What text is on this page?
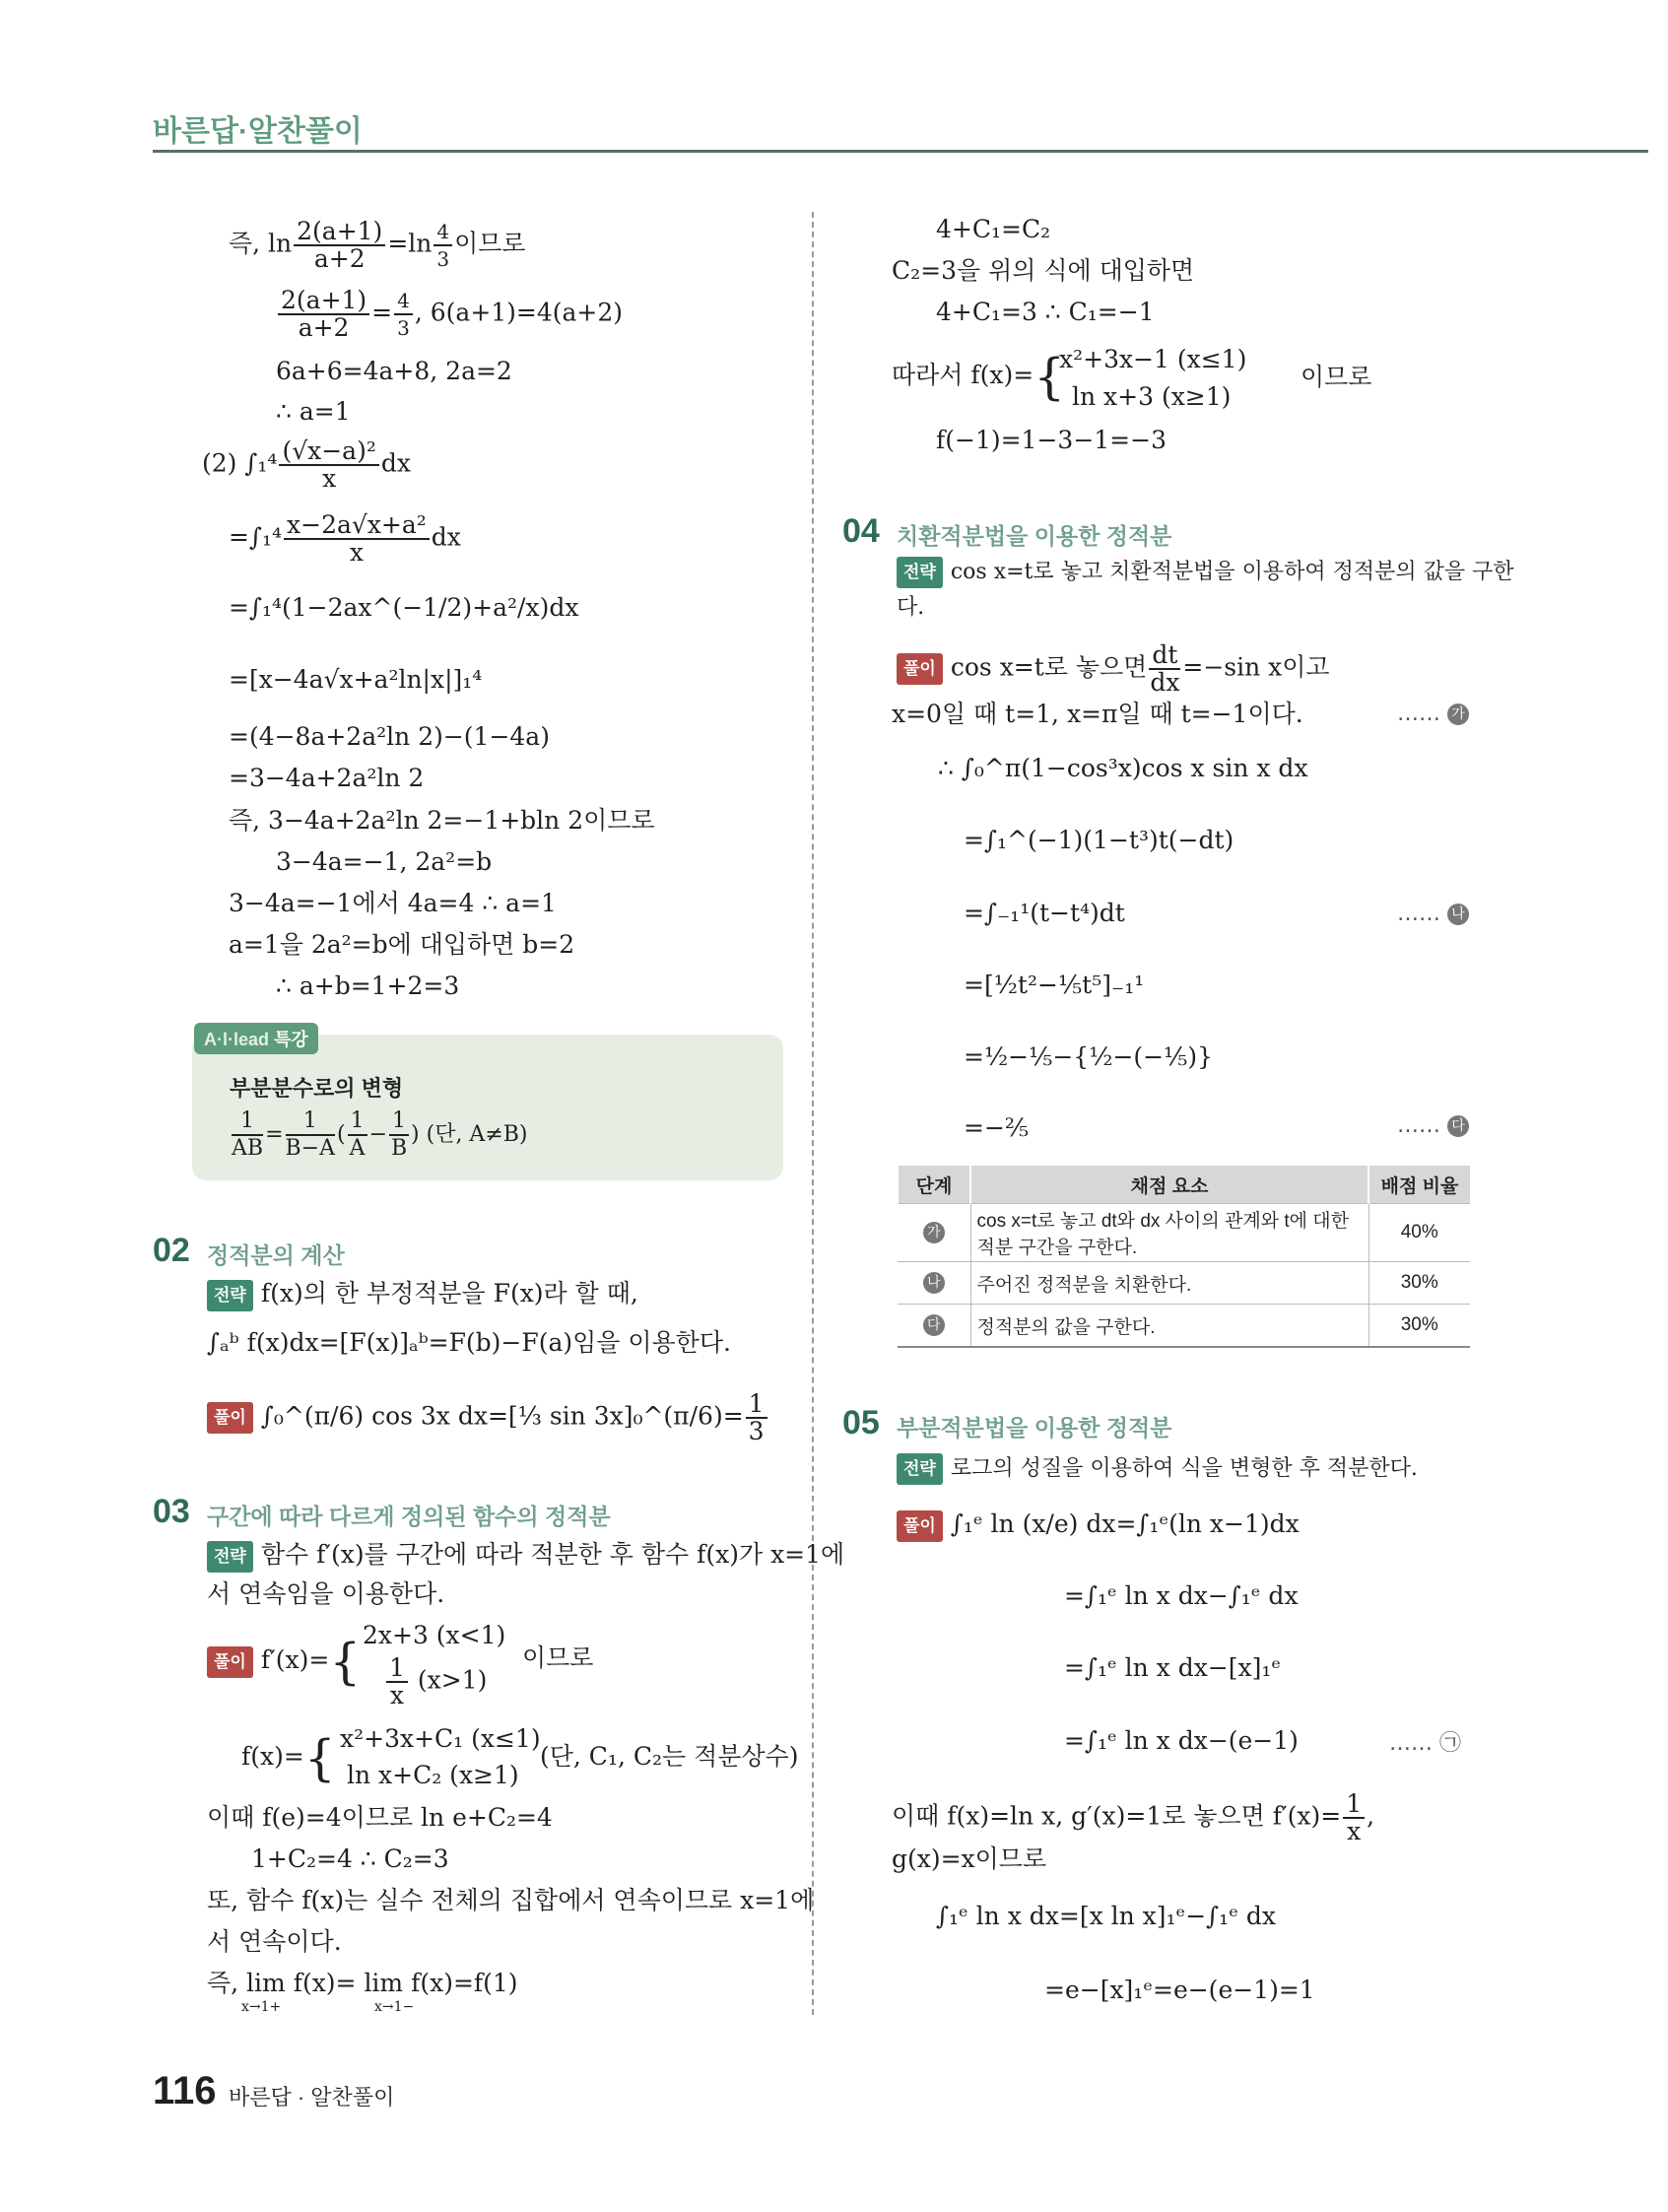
바른답·알찬풀이
즉, $\ln \frac{2(a+1)}{a+2} =\ln \frac{4}{3}$ 이므로
$\frac{2(a+1)}{a+2} = \frac{4}{3}$ , 6(a+1)=4(a+2)
6a+6=4a+8, 2a=2
∴ a=1
(2) $\int_1^4 \frac{\text{(√x−a)²}}{x}$ dx
$=\int_1^4 \frac{\text{x−2a√x+a²}}{x}$ dx
=∫₁⁴(1−2ax^(−1/2)+a²/x)dx
=[x−4a√x+a²ln|x|]₁⁴
=(4−8a+2a²ln 2)−(1−4a)
=3−4a+2a²ln 2
즉, 3−4a+2a²ln 2=−1+bln 2이므로
3−4a=−1, 2a²=b
3−4a=−1에서 4a=4 ∴ a=1
a=1을 2a²=b에 대입하면 b=2
∴ a+b=1+2=3
A·l·lead 특강
부분분수로의 변형
$\frac{1}{AB} = \frac{1}{B-A}$ ( $\frac{1}{A} - \frac{1}{B}$ ) (단, A≠B)
02 정적분의 계산
전략 f(x)의 한 부정적분을 F(x)라 할 때,
∫ₐᵇ f(x)dx=[F(x)]ₐᵇ=F(b)−F(a)임을 이용한다.
풀이 ∫₀^(π/6) cos 3x dx=[⅓ sin 3x]₀^(π/6)= $\frac{1}{3}$
03 구간에 따라 다르게 정의된 함수의 정적분
전략 함수 f′(x)를 구간에 따라 적분한 후 함수 f(x)가 x=1에
서 연속임을 이용한다.
풀이 f′(x)={ 2x+3 (x<1)
$\frac{1}{x} (x>1)$
이므로
f(x)={ x²+3x+C₁ (x≤1)
ln x+C₂ (x≥1)
(단, C₁, C₂는 적분상수)
이때 f(e)=4이므로 ln e+C₂=4
1+C₂=4 ∴ C₂=3
또, 함수 f(x)는 실수 전체의 집합에서 연속이므로 x=1에
서 연속이다.
즉, lim f(x)= lim f(x)=f(1)
x→1+	x→1−
4+C₁=C₂
C₂=3을 위의 식에 대입하면
4+C₁=3 ∴ C₁=−1
따라서 f(x)={
x²+3x−1 (x≤1)
ln x+3 (x≥1)
이므로
f(−1)=1−3−1=−3
04 치환적분법을 이용한 정적분
전략 cos x=t로 놓고 치환적분법을 이용하여 정적분의 값을 구한
다.
풀이 cos x=t로 놓으면 $\frac{dt}{dx} =-\sin$ x이고
x=0일 때 t=1, x=π일 때 t=−1이다.	…… 가
∴ ∫₀^π(1−cos³x)cos x sin x dx
=∫₁^(−1)(1−t³)t(−dt)
=∫₋₁¹(t−t⁴)dt	…… 나
=[½t²−⅕t⁵]₋₁¹
=½−⅕−{½−(−⅕)}
=−⅖	…… 다
단계	채점 요소	배점 비율
가	cos x=t로 놓고 dt와 dx 사이의 관계와 t에 대한 적분 구간을 구한다.	40%
나	주어진 정적분을 치환한다.	30%
다	정적분의 값을 구한다.	30%
05 부분적분법을 이용한 정적분
전략 로그의 성질을 이용하여 식을 변형한 후 적분한다.
풀이 ∫₁ᵉ ln (x/e) dx=∫₁ᵉ(ln x−1)dx
=∫₁ᵉ ln x dx−∫₁ᵉ dx
=∫₁ᵉ ln x dx−[x]₁ᵉ
=∫₁ᵉ ln x dx−(e−1)	…… ㉠
이때 f(x)=ln x, g′(x)=1로 놓으면 $f'(x)= \frac{1}{x}$ ,
g(x)=x이므로
∫₁ᵉ ln x dx=[x ln x]₁ᵉ−∫₁ᵉ dx
=e−[x]₁ᵉ=e−(e−1)=1
116 바른답 · 알찬풀이
